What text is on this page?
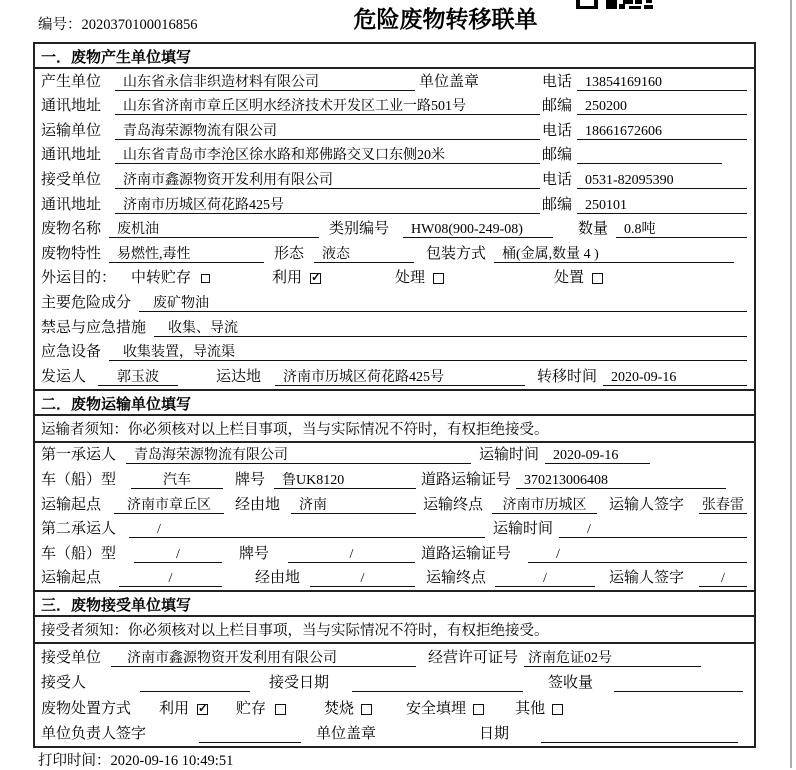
编号：2020370100016856	危险废物转移联单
一．废物产生单位填写
产生单位	山东省永信非织造材料有限公司	单位盖章	电话 13854169160
通讯地址	山东省济南市章丘区明水经济技术开发区工业一路501号	邮编 250200
运输单位	青岛海荣源物流有限公司	电话 18661672606
通讯地址	山东省青岛市李沧区徐水路和郑佛路交叉口东侧20米	邮编
接受单位	济南市鑫源物资开发利用有限公司	电话 0531-82095390
通讯地址	济南市历城区荷花路425号	邮编 250101
废物名称	废机油	类别编号	HW08(900-249-08)	数量	0.8吨
废物特性	易燃性,毒性	形态	液态	包装方式	桶(金属,数量 4 )
外运目的： 中转贮存	利用 ✓	处理	处置
主要危险成分	废矿物油
禁忌与应急措施	收集、导流
应急设备	收集装置，导流渠
发运人	郭玉波	运达地	济南市历城区荷花路425号	转移时间 2020-09-16
二．废物运输单位填写
运输者须知：你必须核对以上栏目事项，当与实际情况不符时，有权拒绝接受。
第一承运人	青岛海荣源物流有限公司	运输时间 2020-09-16
车（船）型	汽车	牌号	鲁UK8120	道路运输证号 370213006408
运输起点	济南市章丘区	经由地	济南	运输终点	济南市历城区	运输人签字 张春雷
第二承运人	/	运输时间	/
车（船）型	/	牌号	/	道路运输证号	/
运输起点	/	经由地	/	运输终点	/	运输人签字	/
三．废物接受单位填写
接受者须知：你必须核对以上栏目事项，当与实际情况不符时，有权拒绝接受。
接受单位	济南市鑫源物资开发利用有限公司	经营许可证号 济南危证02号
接受人	接受日期	签收量
废物处置方式 利用 ✓	贮存	焚烧	安全填埋	其他
单位负责人签字	单位盖章	日期
打印时间：2020-09-16 10:49:51
